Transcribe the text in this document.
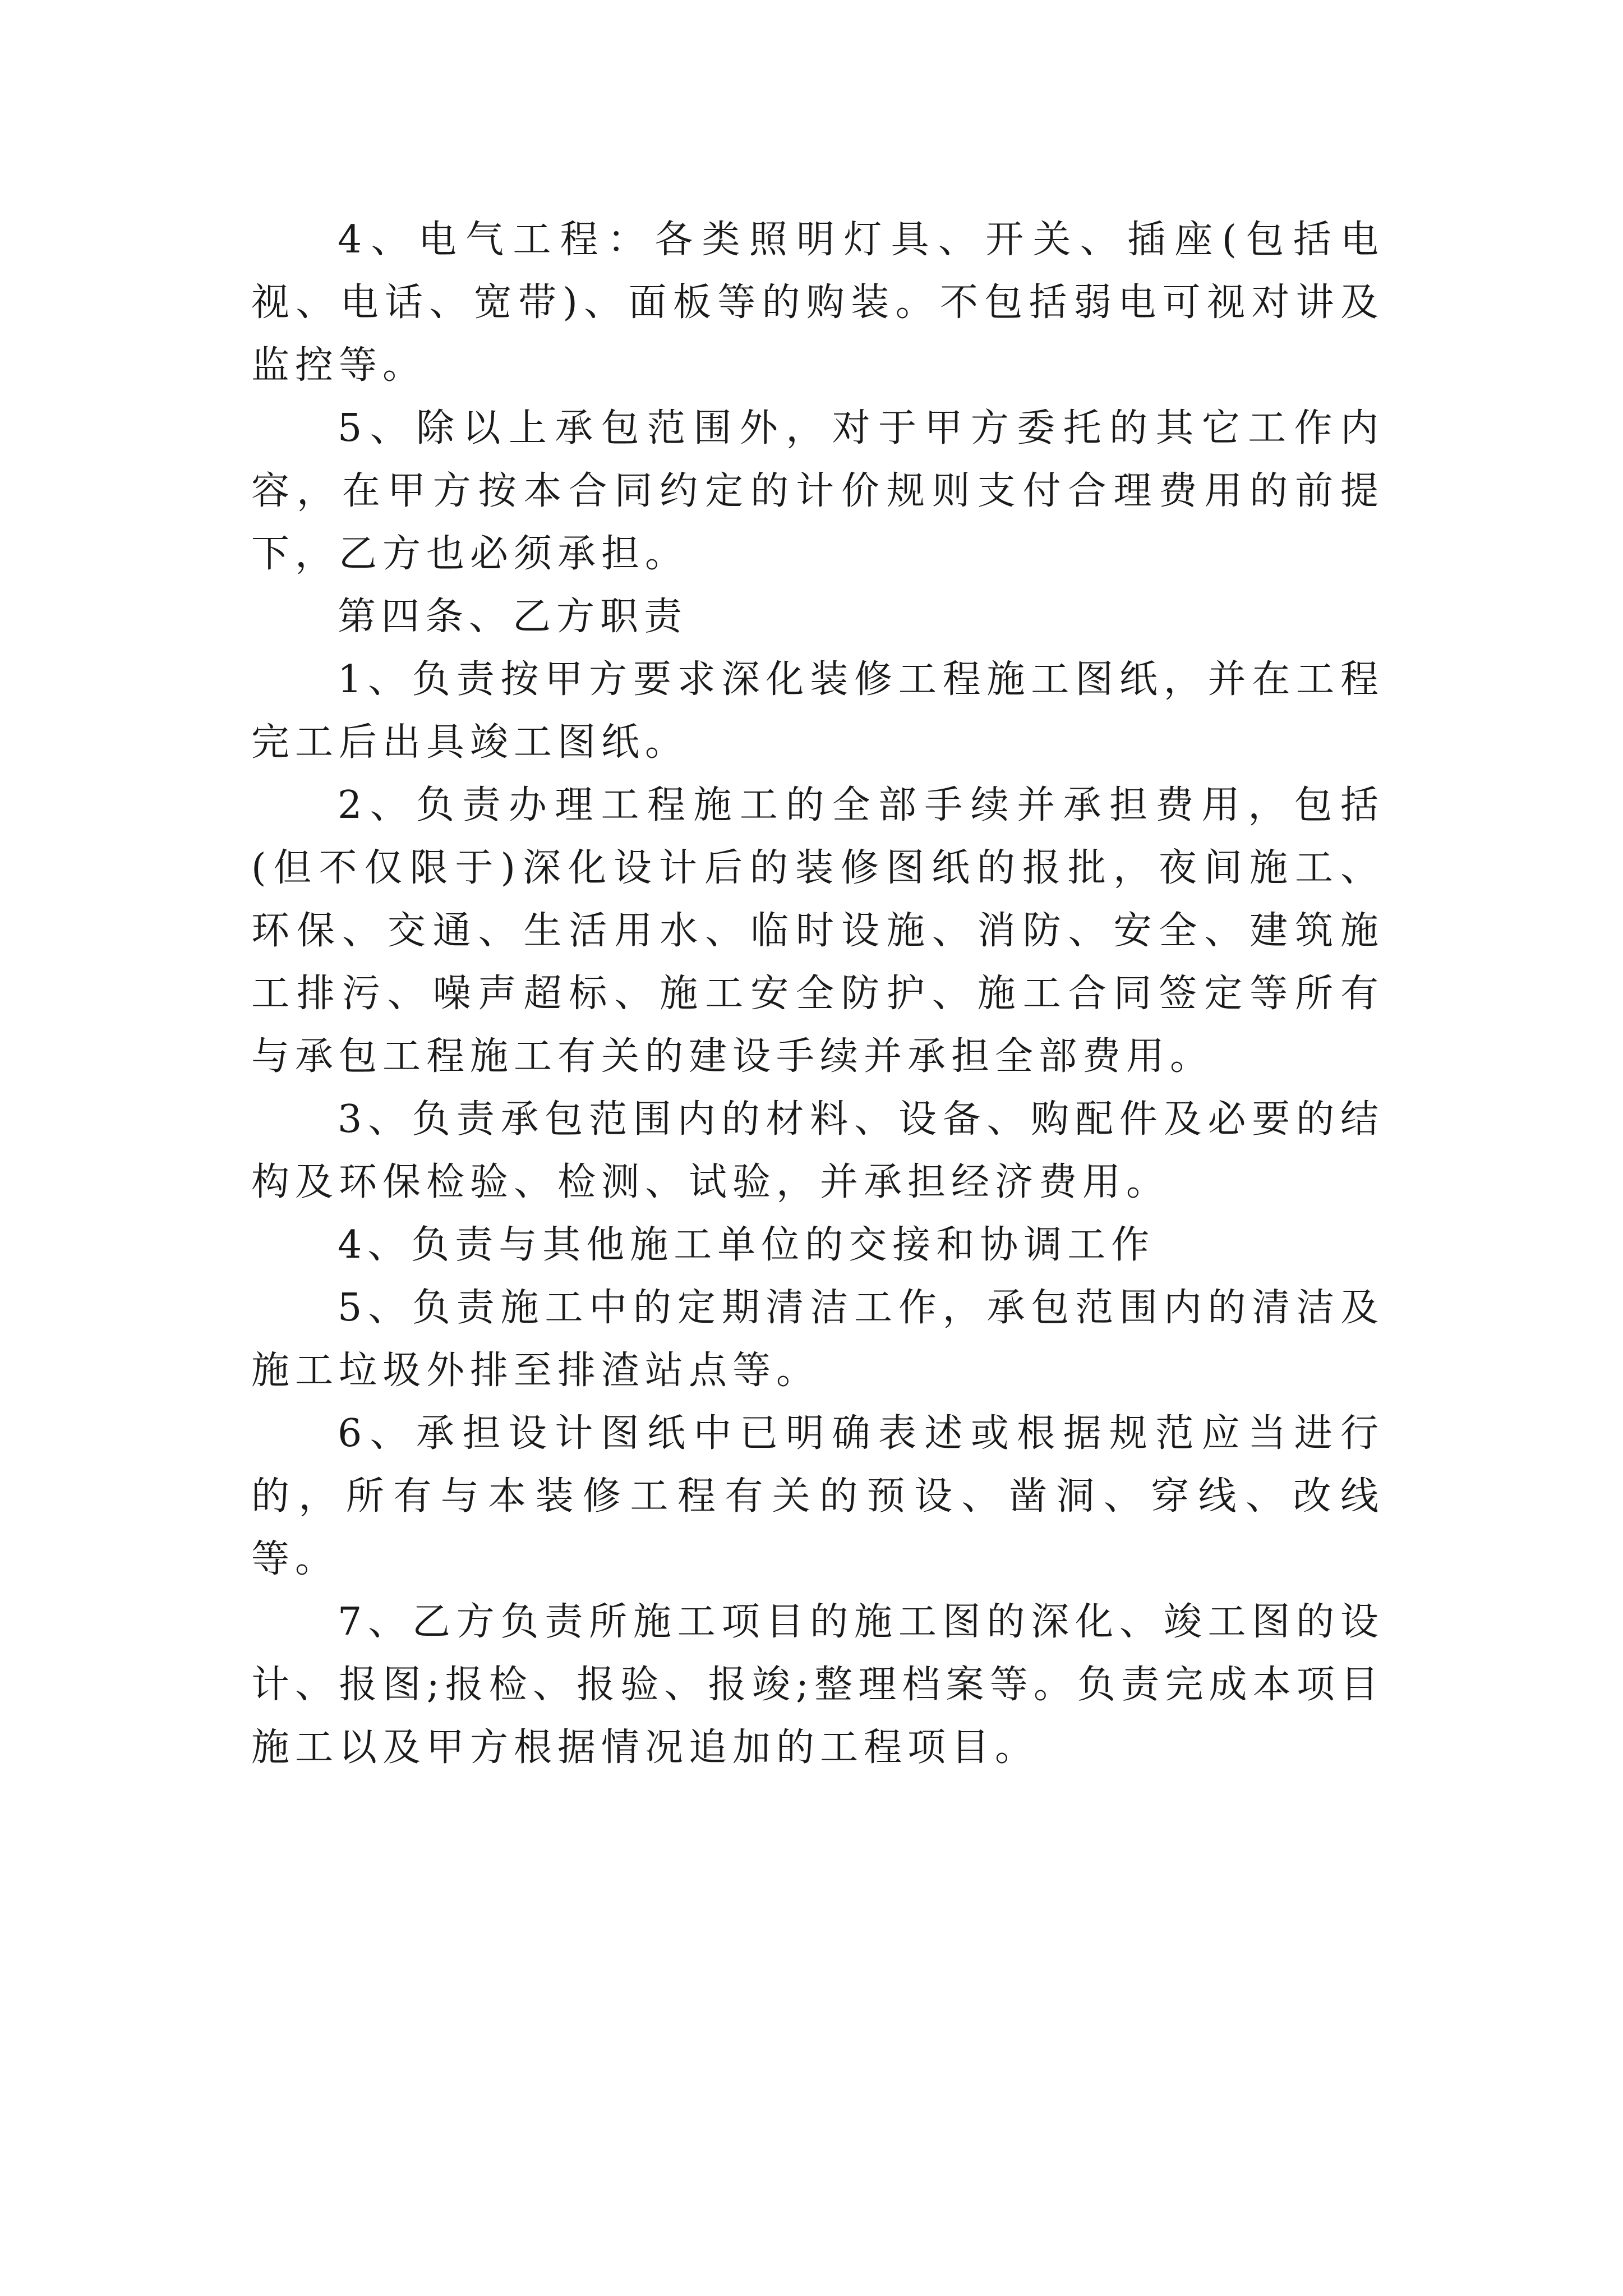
4、电气工程：各类照明灯具、开关、插座(包括电视、电话、宽带)、面板等的购装。不包括弱电可视对讲及监控等。

5、除以上承包范围外，对于甲方委托的其它工作内容，在甲方按本合同约定的计价规则支付合理费用的前提下，乙方也必须承担。

第四条、乙方职责

1、负责按甲方要求深化装修工程施工图纸，并在工程完工后出具竣工图纸。

2、负责办理工程施工的全部手续并承担费用，包括(但不仅限于)深化设计后的装修图纸的报批，夜间施工、环保、交通、生活用水、临时设施、消防、安全、建筑施工排污、噪声超标、施工安全防护、施工合同签定等所有与承包工程施工有关的建设手续并承担全部费用。

3、负责承包范围内的材料、设备、购配件及必要的结构及环保检验、检测、试验，并承担经济费用。

4、负责与其他施工单位的交接和协调工作

5、负责施工中的定期清洁工作，承包范围内的清洁及施工垃圾外排至排渣站点等。

6、承担设计图纸中已明确表述或根据规范应当进行的，所有与本装修工程有关的预设、凿洞、穿线、改线等。

7、乙方负责所施工项目的施工图的深化、竣工图的设计、报图;报检、报验、报竣;整理档案等。负责完成本项目施工以及甲方根据情况追加的工程项目。
